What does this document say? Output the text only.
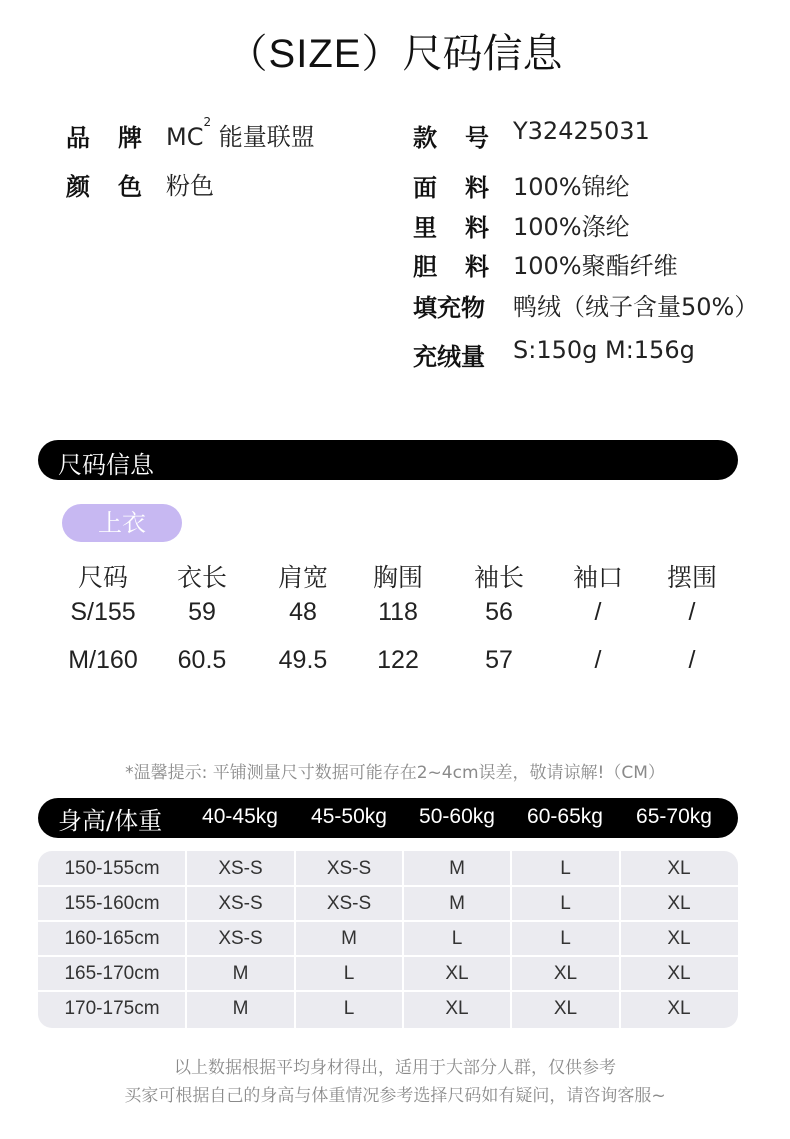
（SIZE）尺码信息
品　牌 $MC^2$ 能量联盟
颜　色 粉色
款　号 Y32425031
面　料 100%锦纶
里　料 100%涤纶
胆　料 100%聚酯纤维
填充物 鸭绒（绒子含量50%）
充绒量 S:150g M:156g
尺码信息
上衣
尺码	衣长	肩宽	胸围	袖长	袖口	摆围
S/155	59	48	118	56	/	/
M/160	60.5	49.5	122	57	/	/
*温馨提示: 平铺测量尺寸数据可能存在2~4cm误差，敬请谅解!（CM）
身高/体重	40-45kg	45-50kg	50-60kg	60-65kg	65-70kg
150-155cm	XS-S	XS-S	M	L	XL
155-160cm	XS-S	XS-S	M	L	XL
160-165cm	XS-S	M	L	L	XL
165-170cm	M	L	XL	XL	XL
170-175cm	M	L	XL	XL	XL
以上数据根据平均身材得出，适用于大部分人群，仅供参考
买家可根据自己的身高与体重情况参考选择尺码如有疑问，请咨询客服~
